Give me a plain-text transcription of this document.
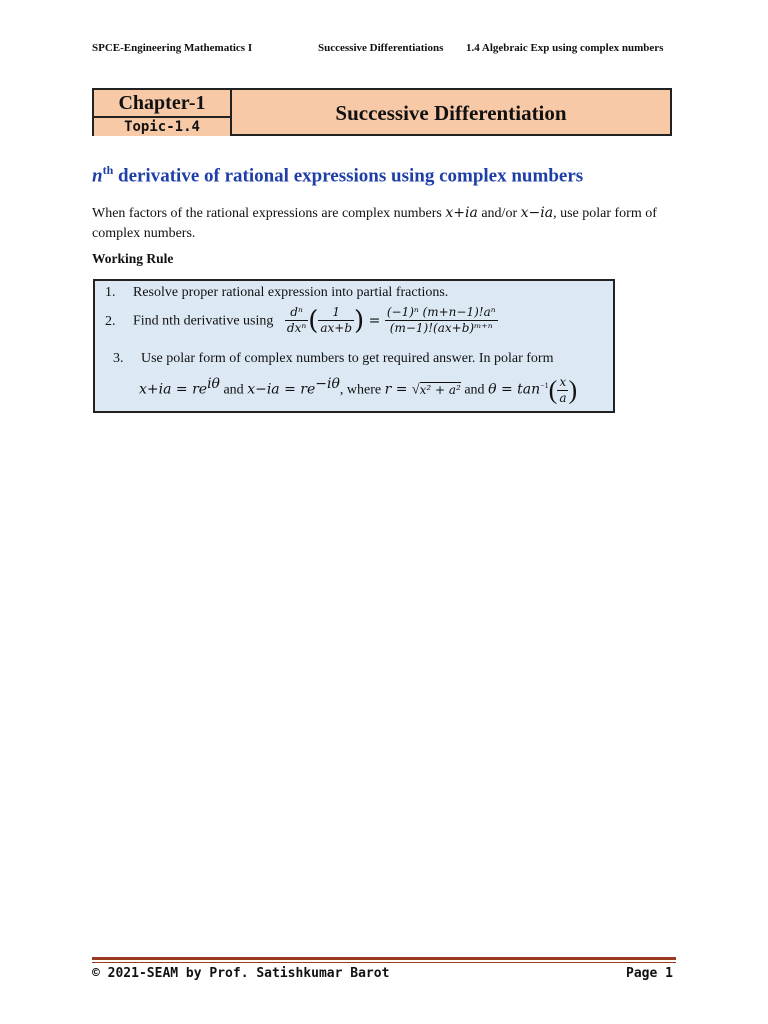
SPCE-Engineering Mathematics I	Successive Differentiations 1.4 Algebraic Exp using complex numbers
Chapter-1
Topic-1.4
Successive Differentiation
$n^{th}$ derivative of rational expressions using complex numbers
When factors of the rational expressions are complex numbers x+ia and/or x−ia, use polar form of complex numbers.
Working Rule
1. Resolve proper rational expression into partial fractions.
2. Find nth derivative using $\frac{\text{dⁿ}}{\text{dxⁿ}}$ ( $\frac{1}{ax+b}$ ) = $\frac{\text{(−1)ⁿ (m+n−1)!aⁿ}}{\text{(m−1)!(ax+b)ᵐ⁺ⁿ}}$
3. Use polar form of complex numbers to get required answer. In polar form
$x+ia = re^{i\theta}$ and $x-ia = re^{-i\theta}$, where r = √x² + a² and $\theta = \tan^{-1}( \frac{x}{a}$ )
© 2021-SEAM by Prof. Satishkumar Barot	Page 1
